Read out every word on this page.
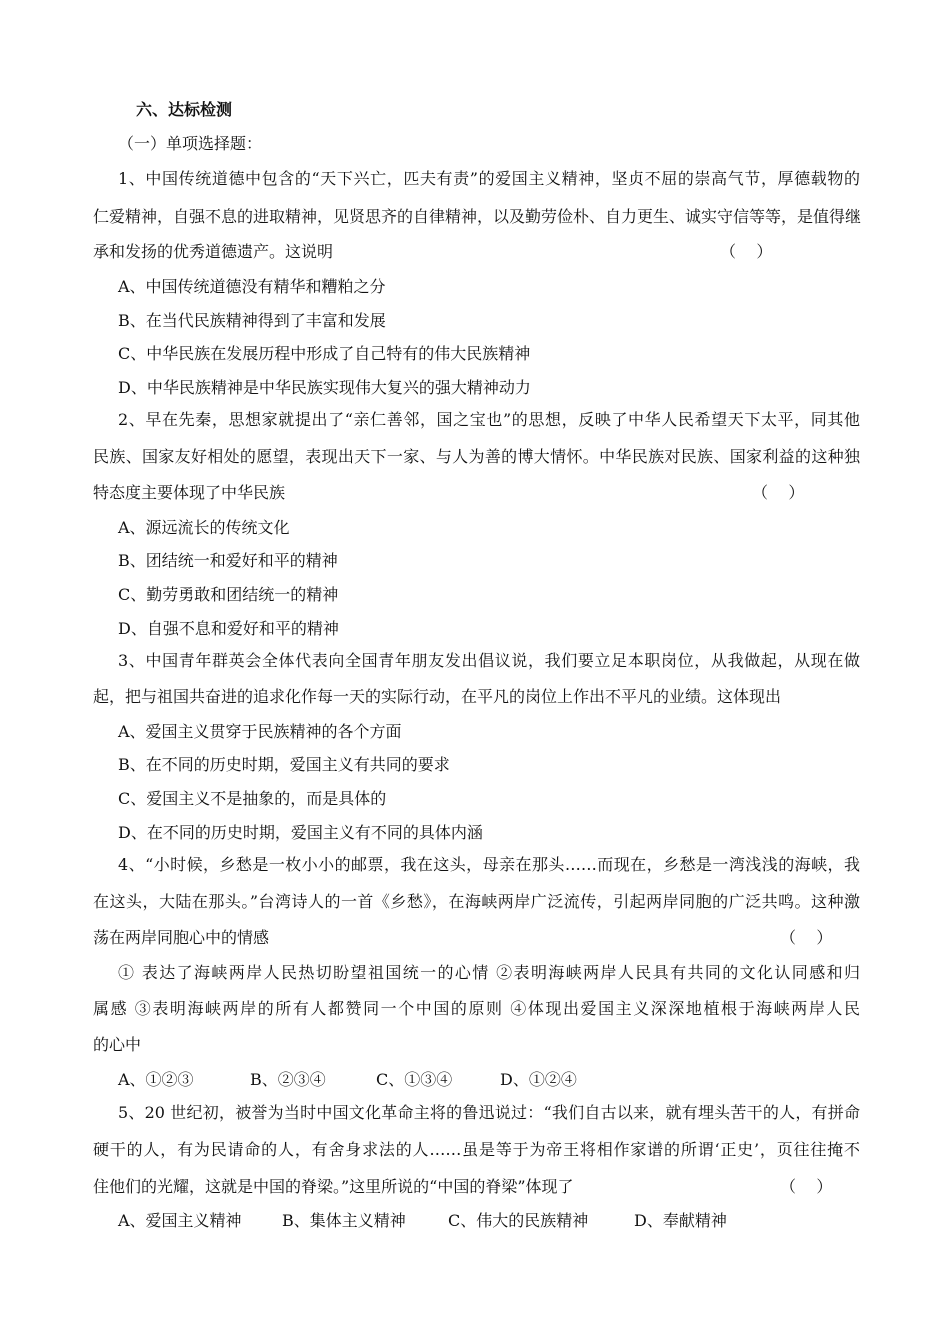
六、达标检测
（一）单项选择题：
1、中国传统道德中包含的“天下兴亡，匹夫有责”的爱国主义精神，坚贞不屈的崇高气节，厚德载物的
仁爱精神，自强不息的进取精神，见贤思齐的自律精神，以及勤劳俭朴、自力更生、诚实守信等等，是值得继
承和发扬的优秀道德遗产。这说明	（    ）
A、中国传统道德没有精华和糟粕之分
B、在当代民族精神得到了丰富和发展
C、中华民族在发展历程中形成了自己特有的伟大民族精神
D、中华民族精神是中华民族实现伟大复兴的强大精神动力
2、早在先秦，思想家就提出了“亲仁善邻，国之宝也”的思想，反映了中华人民希望天下太平，同其他
民族、国家友好相处的愿望，表现出天下一家、与人为善的博大情怀。中华民族对民族、国家利益的这种独
特态度主要体现了中华民族	（    ）
A、源远流长的传统文化
B、团结统一和爱好和平的精神
C、勤劳勇敢和团结统一的精神
D、自强不息和爱好和平的精神
3、中国青年群英会全体代表向全国青年朋友发出倡议说，我们要立足本职岗位，从我做起，从现在做
起，把与祖国共奋进的追求化作每一天的实际行动，在平凡的岗位上作出不平凡的业绩。这体现出
A、爱国主义贯穿于民族精神的各个方面
B、在不同的历史时期，爱国主义有共同的要求
C、爱国主义不是抽象的，而是具体的
D、在不同的历史时期，爱国主义有不同的具体内涵
4、“小时候，乡愁是一枚小小的邮票，我在这头，母亲在那头……而现在，乡愁是一湾浅浅的海峡，我
在这头，大陆在那头。”台湾诗人的一首《乡愁》，在海峡两岸广泛流传，引起两岸同胞的广泛共鸣。这种激
荡在两岸同胞心中的情感	（    ）
① 表达了海峡两岸人民热切盼望祖国统一的心情 ②表明海峡两岸人民具有共同的文化认同感和归
属感 ③表明海峡两岸的所有人都赞同一个中国的原则 ④体现出爱国主义深深地植根于海峡两岸人民
的心中
A、①②③	B、②③④	C、①③④	D、①②④
5、20 世纪初，被誉为当时中国文化革命主将的鲁迅说过：“我们自古以来，就有埋头苦干的人，有拼命
硬干的人，有为民请命的人，有舍身求法的人……虽是等于为帝王将相作家谱的所谓‘正史’，页往往掩不
住他们的光耀，这就是中国的脊梁。”这里所说的“中国的脊梁”体现了	（    ）
A、爱国主义精神	B、集体主义精神	C、伟大的民族精神	D、奉献精神
